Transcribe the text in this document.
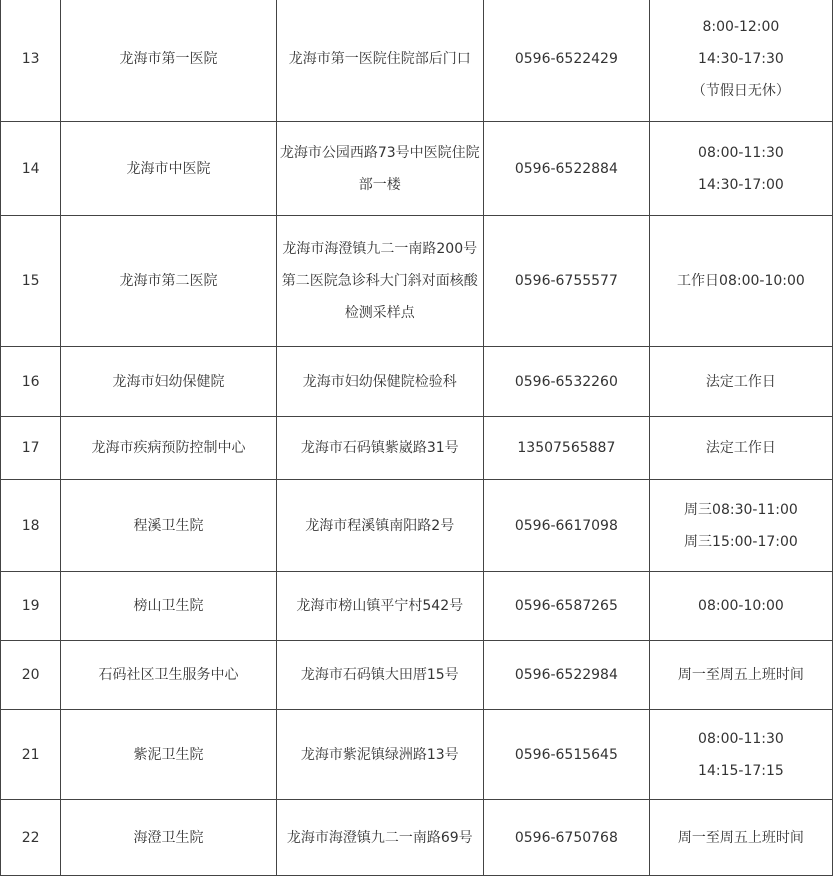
13	龙海市第一医院	龙海市第一医院住院部后门口	0596-6522429	8:00-12:00
14:30-17:30
（节假日无休）

14	龙海市中医院	龙海市公园西路73号中医院住院
部一楼	0596-6522884	08:00-11:30
14:30-17:00

15	龙海市第二医院	龙海市海澄镇九二一南路200号
第二医院急诊科大门斜对面核酸
检测采样点	0596-6755577	工作日08:00-10:00

16	龙海市妇幼保健院	龙海市妇幼保健院检验科	0596-6532260	法定工作日

17	龙海市疾病预防控制中心	龙海市石码镇紫崴路31号	13507565887	法定工作日

18	程溪卫生院	龙海市程溪镇南阳路2号	0596-6617098	周三08:30-11:00
周三15:00-17:00

19	榜山卫生院	龙海市榜山镇平宁村542号	0596-6587265	08:00-10:00

20	石码社区卫生服务中心	龙海市石码镇大田厝15号	0596-6522984	周一至周五上班时间

21	紫泥卫生院	龙海市紫泥镇绿洲路13号	0596-6515645	08:00-11:30
14:15-17:15

22	海澄卫生院	龙海市海澄镇九二一南路69号	0596-6750768	周一至周五上班时间
